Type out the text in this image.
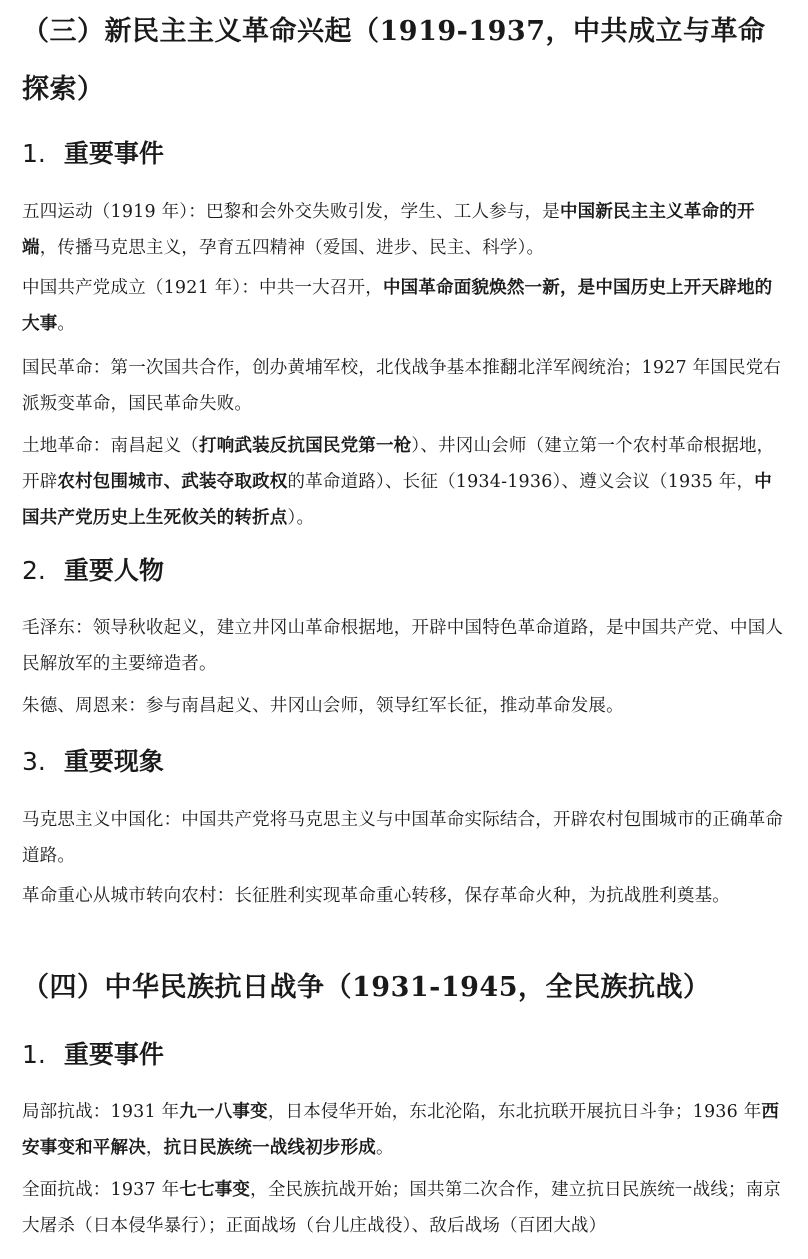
（三）新民主主义革命兴起（1919-1937，中共成立与革命探索）

1. 重要事件

五四运动（1919 年）：巴黎和会外交失败引发，学生、工人参与，是中国新民主主义革命的开端，传播马克思主义，孕育五四精神（爱国、进步、民主、科学）。

中国共产党成立（1921 年）：中共一大召开，中国革命面貌焕然一新，是中国历史上开天辟地的大事。

国民革命：第一次国共合作，创办黄埔军校，北伐战争基本推翻北洋军阀统治；1927 年国民党右派叛变革命，国民革命失败。

土地革命：南昌起义（打响武装反抗国民党第一枪）、井冈山会师（建立第一个农村革命根据地，开辟农村包围城市、武装夺取政权的革命道路）、长征（1934-1936）、遵义会议（1935 年，中国共产党历史上生死攸关的转折点）。

2. 重要人物

毛泽东：领导秋收起义，建立井冈山革命根据地，开辟中国特色革命道路，是中国共产党、中国人民解放军的主要缔造者。

朱德、周恩来：参与南昌起义、井冈山会师，领导红军长征，推动革命发展。

3. 重要现象

马克思主义中国化：中国共产党将马克思主义与中国革命实际结合，开辟农村包围城市的正确革命道路。

革命重心从城市转向农村：长征胜利实现革命重心转移，保存革命火种，为抗战胜利奠基。

（四）中华民族抗日战争（1931-1945，全民族抗战）

1. 重要事件

局部抗战：1931 年九一八事变，日本侵华开始，东北沦陷，东北抗联开展抗日斗争；1936 年西安事变和平解决，抗日民族统一战线初步形成。

全面抗战：1937 年七七事变，全民族抗战开始；国共第二次合作，建立抗日民族统一战线；南京大屠杀（日本侵华暴行）；正面战场（台儿庄战役）、敌后战场（百团大战）
